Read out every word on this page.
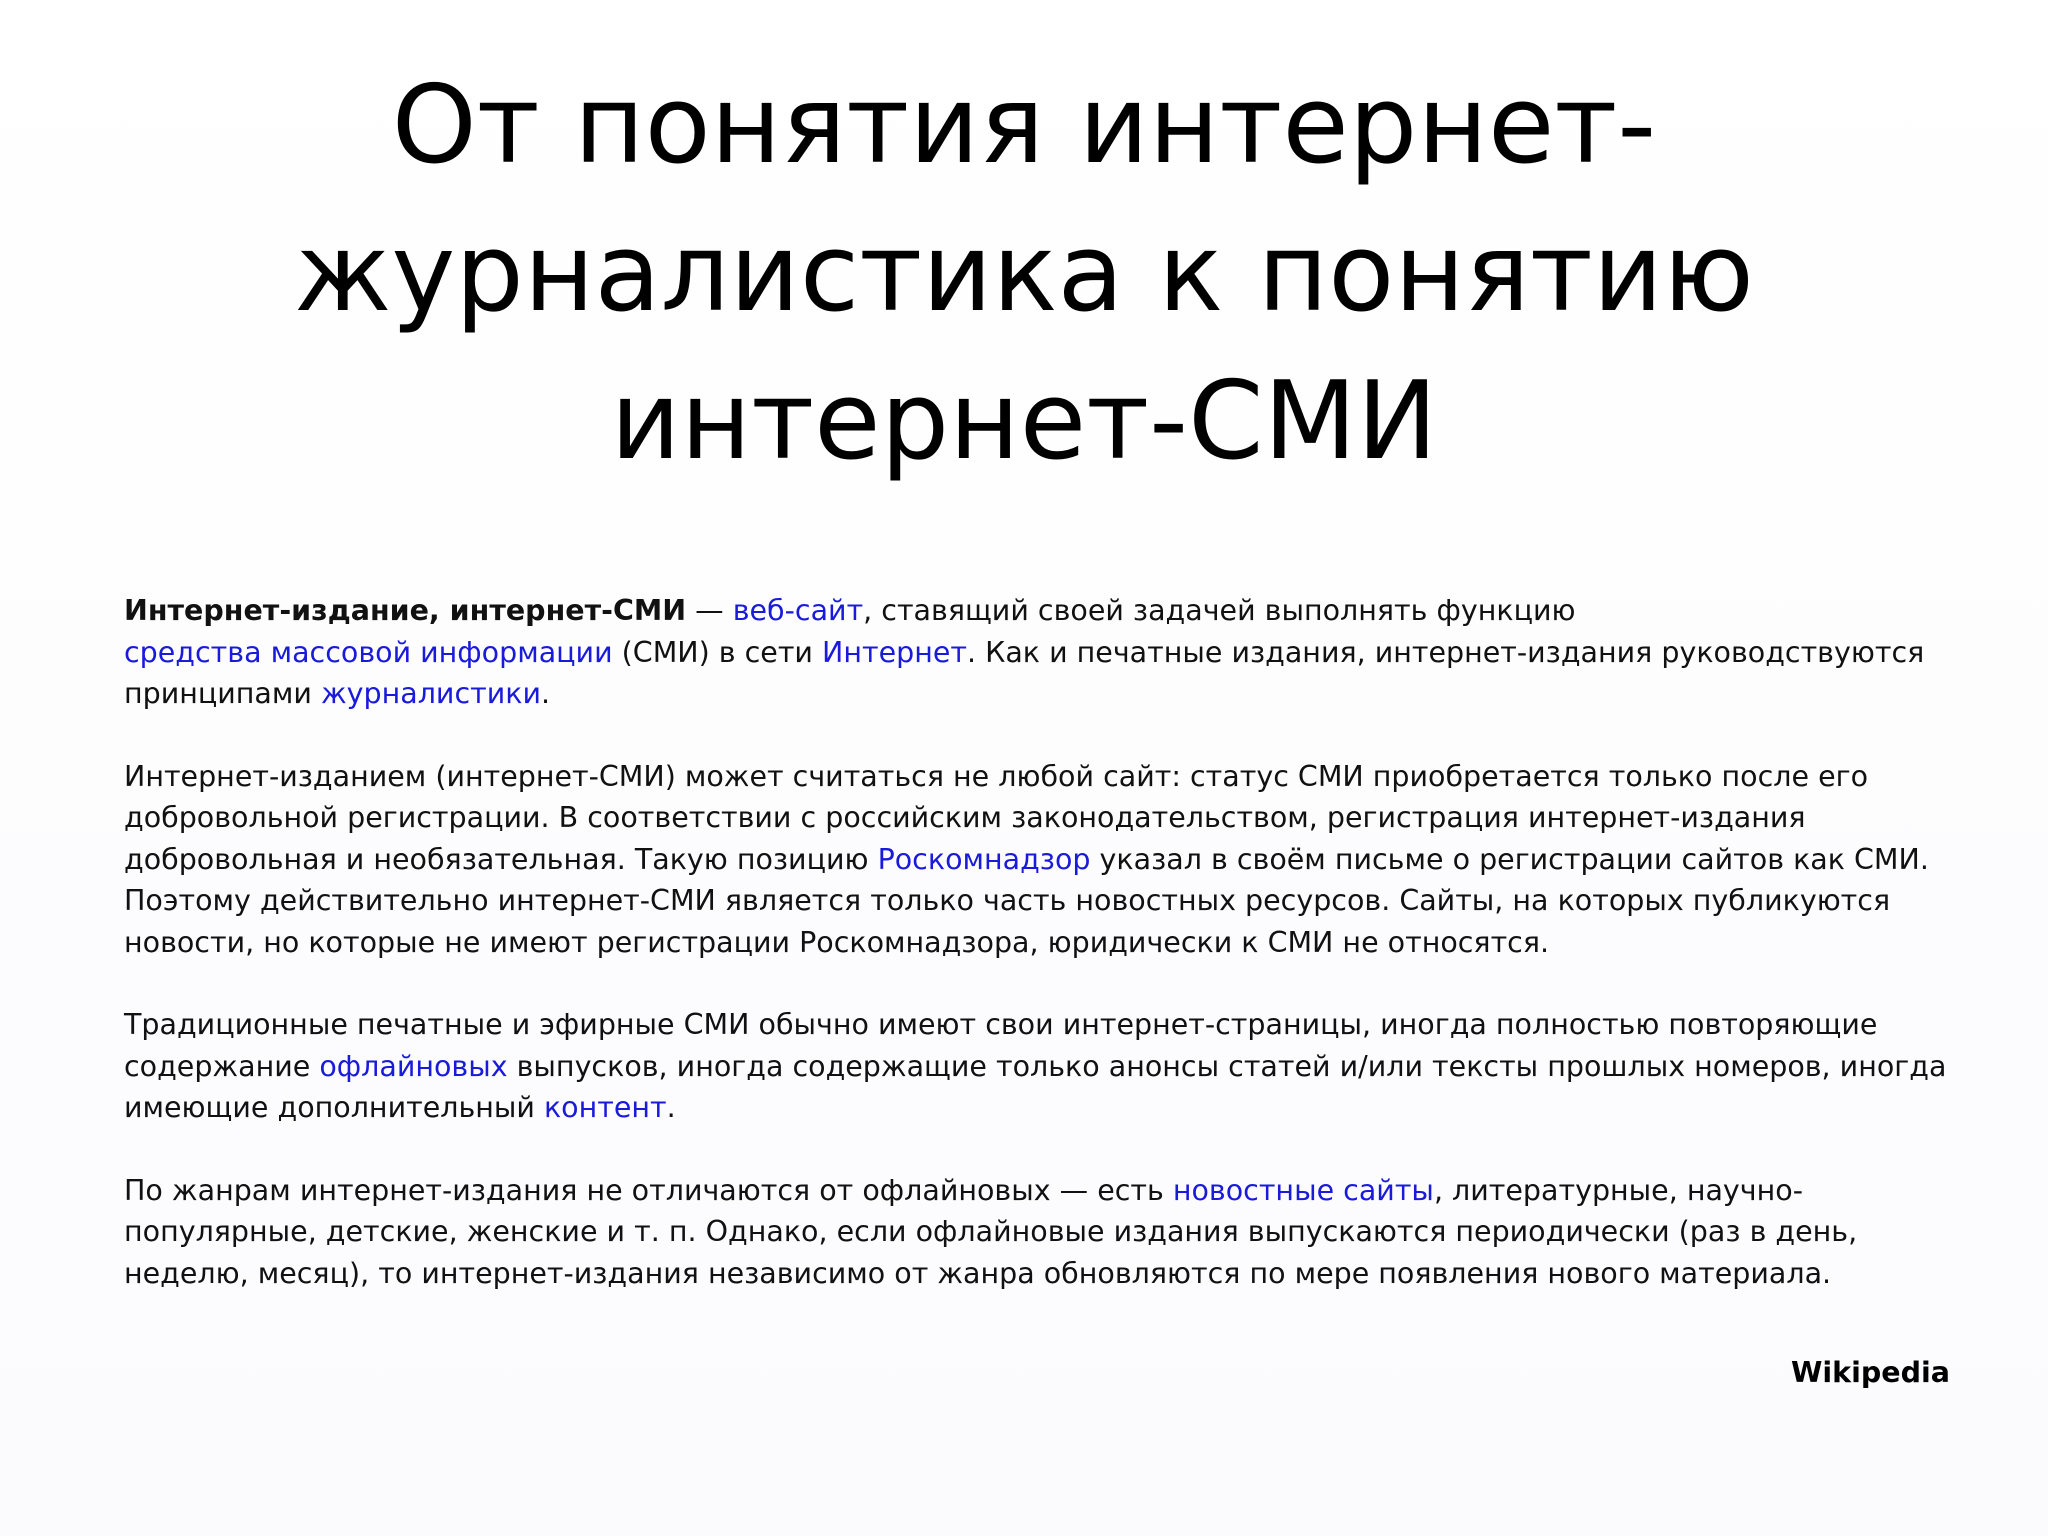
От понятия интернет-
журналистика к понятию
интернет-СМИ

Интернет-издание, интернет-СМИ — веб-сайт, ставящий своей задачей выполнять функцию
средства массовой информации (СМИ) в сети Интернет. Как и печатные издания, интернет-издания руководствуются принципами журналистики.

Интернет-изданием (интернет-СМИ) может считаться не любой сайт: статус СМИ приобретается только после его добровольной регистрации. В соответствии с российским законодательством, регистрация интернет-издания добровольная и необязательная. Такую позицию Роскомнадзор указал в своём письме о регистрации сайтов как СМИ. Поэтому действительно интернет-СМИ является только часть новостных ресурсов. Сайты, на которых публикуются новости, но которые не имеют регистрации Роскомнадзора, юридически к СМИ не относятся.

Традиционные печатные и эфирные СМИ обычно имеют свои интернет-страницы, иногда полностью повторяющие содержание офлайновых выпусков, иногда содержащие только анонсы статей и/или тексты прошлых номеров, иногда имеющие дополнительный контент.

По жанрам интернет-издания не отличаются от офлайновых — есть новостные сайты, литературные, научно-популярные, детские, женские и т. п. Однако, если офлайновые издания выпускаются периодически (раз в день, неделю, месяц), то интернет-издания независимо от жанра обновляются по мере появления нового материала.

Wikipedia
